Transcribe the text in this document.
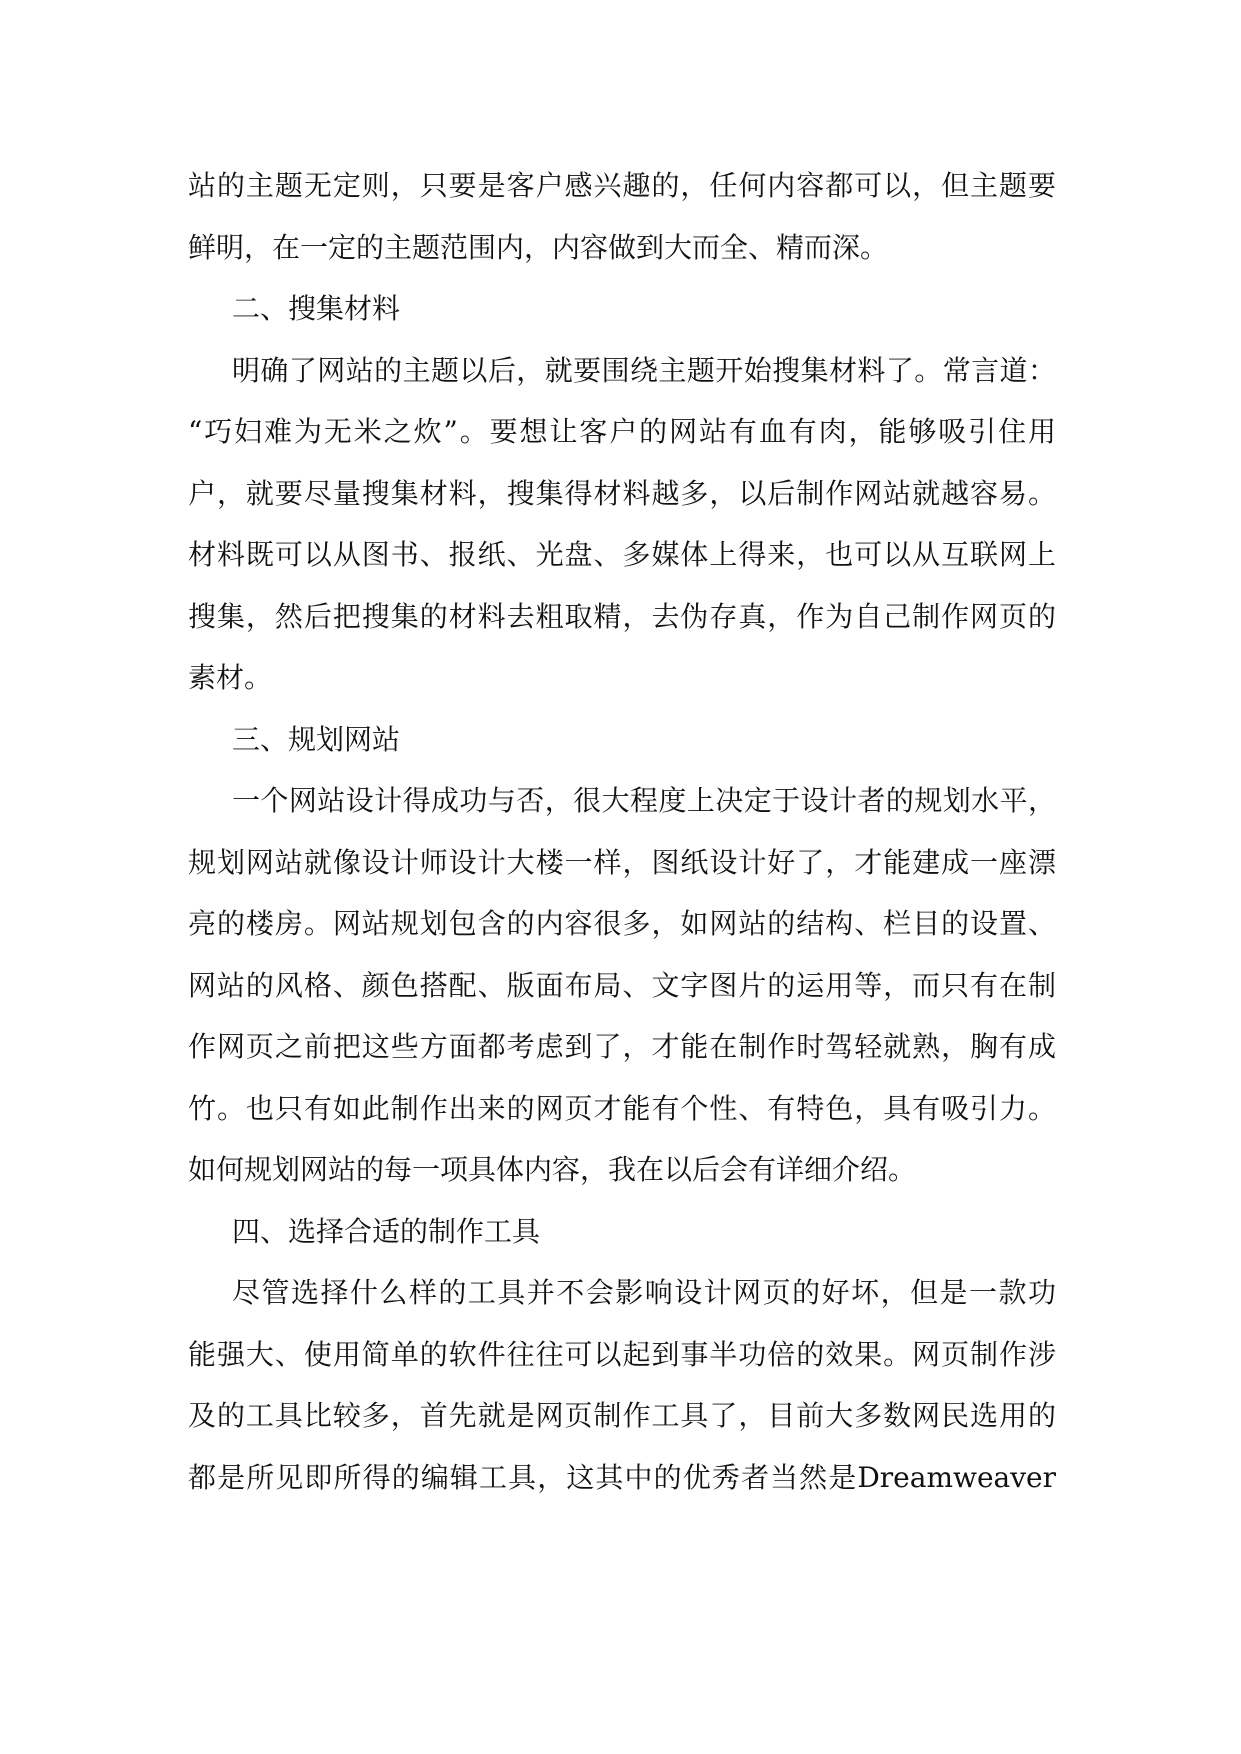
站的主题无定则，只要是客户感兴趣的，任何内容都可以，但主题要
鲜明，在一定的主题范围内，内容做到大而全、精而深。
二、搜集材料
明确了网站的主题以后，就要围绕主题开始搜集材料了。常言道：
“巧妇难为无米之炊”。要想让客户的网站有血有肉，能够吸引住用
户，就要尽量搜集材料，搜集得材料越多，以后制作网站就越容易。
材料既可以从图书、报纸、光盘、多媒体上得来，也可以从互联网上
搜集，然后把搜集的材料去粗取精，去伪存真，作为自己制作网页的
素材。
三、规划网站
一个网站设计得成功与否，很大程度上决定于设计者的规划水平，
规划网站就像设计师设计大楼一样，图纸设计好了，才能建成一座漂
亮的楼房。网站规划包含的内容很多，如网站的结构、栏目的设置、
网站的风格、颜色搭配、版面布局、文字图片的运用等，而只有在制
作网页之前把这些方面都考虑到了，才能在制作时驾轻就熟，胸有成
竹。也只有如此制作出来的网页才能有个性、有特色，具有吸引力。
如何规划网站的每一项具体内容，我在以后会有详细介绍。
四、选择合适的制作工具
尽管选择什么样的工具并不会影响设计网页的好坏，但是一款功
能强大、使用简单的软件往往可以起到事半功倍的效果。网页制作涉
及的工具比较多，首先就是网页制作工具了，目前大多数网民选用的
都是所见即所得的编辑工具，这其中的优秀者当然是Dreamweaver
